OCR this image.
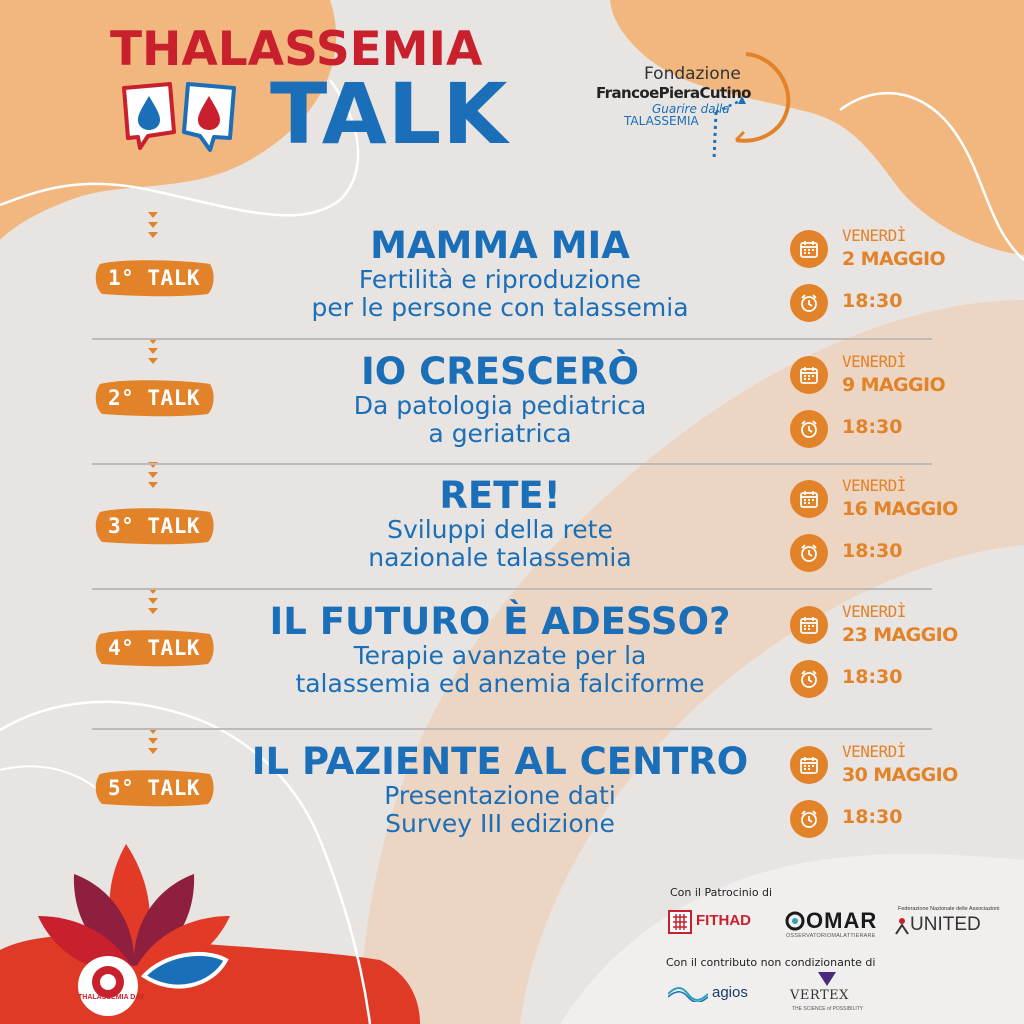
THALASSEMIA
TALK	Fondazione
FrancoePieraCutino
Guarire dalla
TALASSEMIA
1° TALK
MAMMA MIA
Fertilità e riproduzione
per le persone con talassemia
VENERDÌ
2 MAGGIO
18:30
2° TALK
IO CRESCERÒ
Da patologia pediatrica
a geriatrica
VENERDÌ
9 MAGGIO
18:30
3° TALK
RETE!
Sviluppi della rete
nazionale talassemia
VENERDÌ
16 MAGGIO
18:30
4° TALK
IL FUTURO È ADESSO?
Terapie avanzate per la
talassemia ed anemia falciforme
VENERDÌ
23 MAGGIO
18:30
5° TALK
IL PAZIENTE AL CENTRO
Presentazione dati
Survey III edizione
VENERDÌ
30 MAGGIO
18:30
Con il Patrocinio di
FITHAD	OMAR
OSSERVATORIOMALATTIERARE
Federazione Nazionale delle Associazioni
UNITED
Con il contributo non condizionante di
agios	VERTEX
THE SCIENCE of POSSIBILITY
THALASSEMIA DAY
